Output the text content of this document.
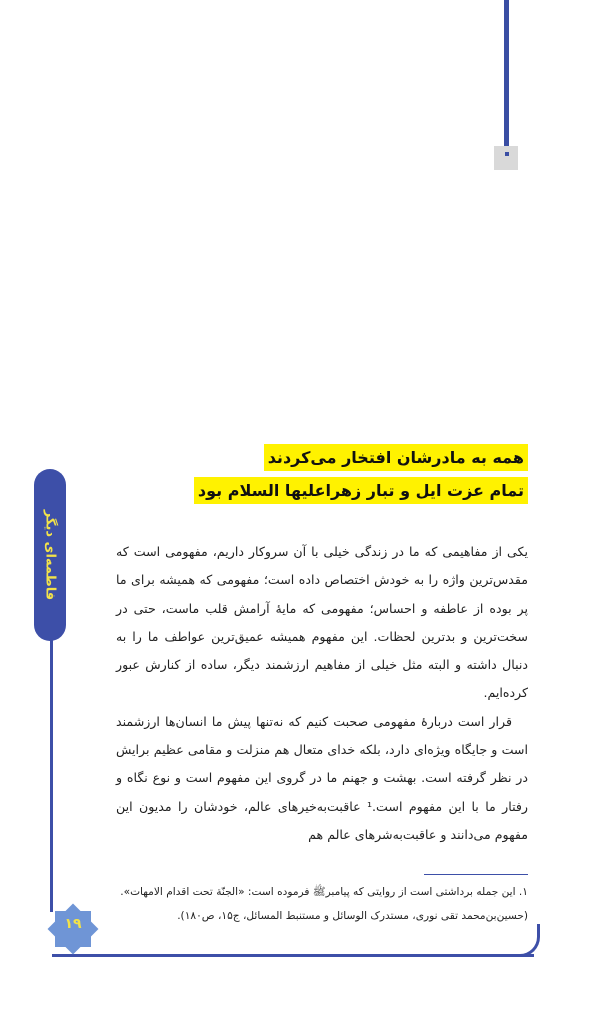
فاطمه‌ای دیگر
۱۹
همه به مادرشان افتخار می‌کردند
تمام عزت ایل و تبار زهراعلیها السلام بود

یکی از مفاهیمی که ما در زندگی خیلی با آن سروکار داریم، مفهومی است که مقدس‌ترین واژه را به خودش اختصاص داده است؛ مفهومی که همیشه برای ما پر بوده از عاطفه و احساس؛ مفهومی که مایهٔ آرامش قلب ماست، حتی در سخت‌ترین و بدترین لحظات. این مفهوم همیشه عمیق‌ترین عواطف ما را به دنبال داشته و البته مثل خیلی از مفاهیم ارزشمند دیگر، ساده از کنارش عبور کرده‌ایم.

قرار است دربارهٔ مفهومی صحبت کنیم که نه‌تنها پیش ما انسان‌ها ارزشمند است و جایگاه ویژه‌ای دارد، بلکه خدای متعال هم منزلت و مقامی عظیم برایش در نظر گرفته است. بهشت و جهنم ما در گروی این مفهوم است و نوع نگاه و رفتار ما با این مفهوم است.¹ عاقبت‌به‌خیرهای عالم، خودشان را مدیون این مفهوم می‌دانند و عاقبت‌به‌شرهای عالم هم

۱. این جمله برداشتی است از روایتی که پیامبرﷺ فرموده است: «الجنّة تحت اقدام الامهات».
(حسین‌بن‌محمد تقی نوری، مستدرک الوسائل و مستنبط المسائل، ج۱۵، ص۱۸۰).
